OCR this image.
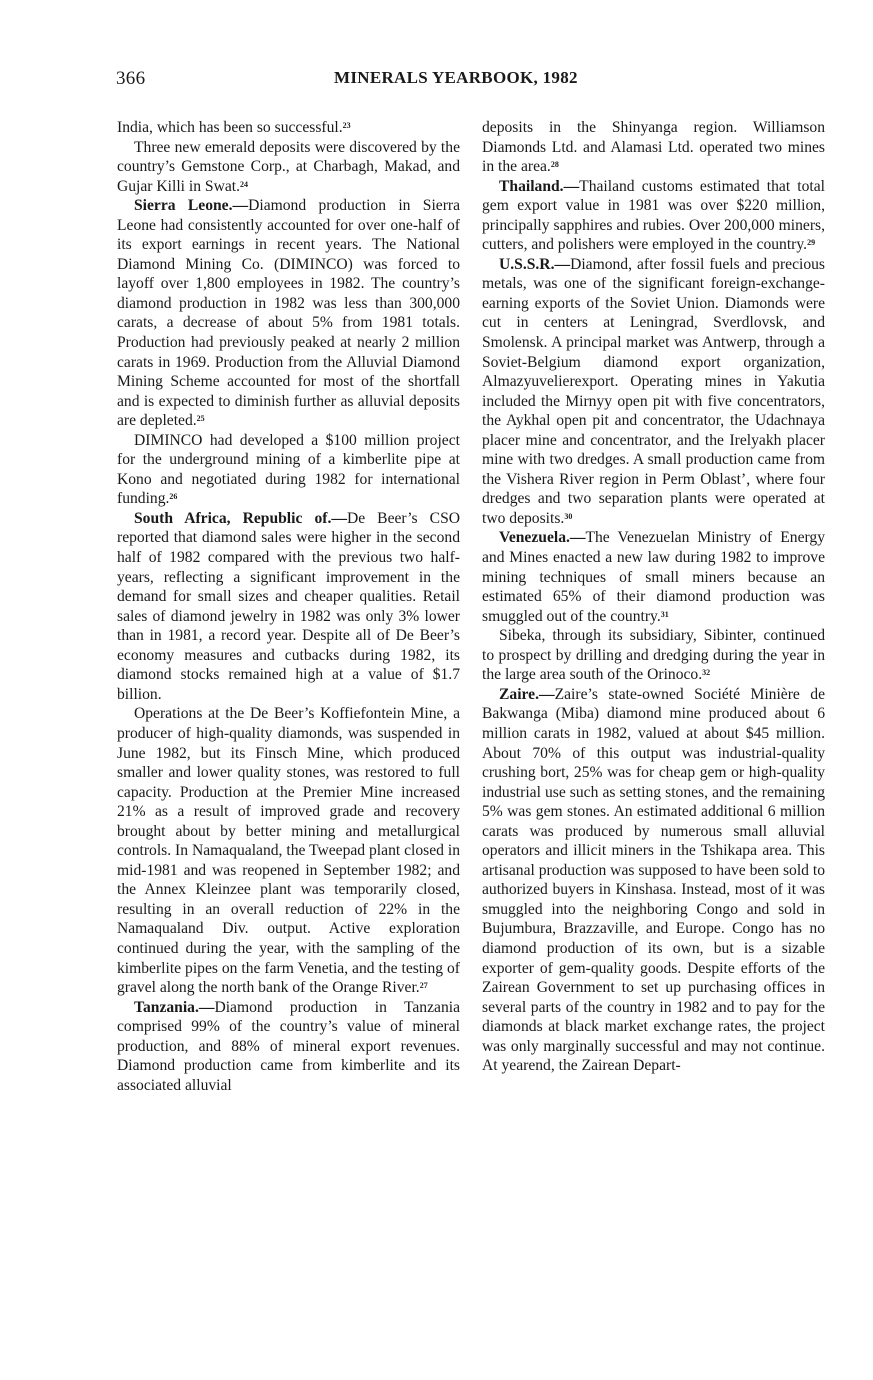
366	MINERALS YEARBOOK, 1982

India, which has been so successful.$^{23}$

Three new emerald deposits were discovered by the country’s Gemstone Corp., at Charbagh, Makad, and Gujar Killi in Swat.$^{24}$

Sierra Leone.—Diamond production in Sierra Leone had consistently accounted for over one-half of its export earnings in recent years. The National Diamond Mining Co. (DIMINCO) was forced to layoff over 1,800 employees in 1982. The country’s diamond production in 1982 was less than 300,000 carats, a decrease of about 5% from 1981 totals. Production had previously peaked at nearly 2 million carats in 1969. Production from the Alluvial Diamond Mining Scheme accounted for most of the shortfall and is expected to diminish further as alluvial deposits are depleted.$^{25}$

DIMINCO had developed a $100 million project for the underground mining of a kimberlite pipe at Kono and negotiated during 1982 for international funding.$^{26}$

South Africa, Republic of.—De Beer’s CSO reported that diamond sales were higher in the second half of 1982 compared with the previous two half-years, reflecting a significant improvement in the demand for small sizes and cheaper qualities. Retail sales of diamond jewelry in 1982 was only 3% lower than in 1981, a record year. Despite all of De Beer’s economy measures and cutbacks during 1982, its diamond stocks remained high at a value of $1.7 billion.

Operations at the De Beer’s Koffiefontein Mine, a producer of high-quality diamonds, was suspended in June 1982, but its Finsch Mine, which produced smaller and lower quality stones, was restored to full capacity. Production at the Premier Mine increased 21% as a result of improved grade and recovery brought about by better mining and metallurgical controls. In Namaqualand, the Tweepad plant closed in mid-1981 and was reopened in September 1982; and the Annex Kleinzee plant was temporarily closed, resulting in an overall reduction of 22% in the Namaqualand Div. output. Active exploration continued during the year, with the sampling of the kimberlite pipes on the farm Venetia, and the testing of gravel along the north bank of the Orange River.$^{27}$

Tanzania.—Diamond production in Tanzania comprised 99% of the country’s value of mineral production, and 88% of mineral export revenues. Diamond production came from kimberlite and its associated alluvial

deposits in the Shinyanga region. Williamson Diamonds Ltd. and Alamasi Ltd. operated two mines in the area.$^{28}$

Thailand.—Thailand customs estimated that total gem export value in 1981 was over $220 million, principally sapphires and rubies. Over 200,000 miners, cutters, and polishers were employed in the country.$^{29}$

U.S.S.R.—Diamond, after fossil fuels and precious metals, was one of the significant foreign-exchange-earning exports of the Soviet Union. Diamonds were cut in centers at Leningrad, Sverdlovsk, and Smolensk. A principal market was Antwerp, through a Soviet-Belgium diamond export organization, Almazyuvelierexport. Operating mines in Yakutia included the Mirnyy open pit with five concentrators, the Aykhal open pit and concentrator, the Udachnaya placer mine and concentrator, and the Irelyakh placer mine with two dredges. A small production came from the Vishera River region in Perm Oblast’, where four dredges and two separation plants were operated at two deposits.$^{30}$

Venezuela.—The Venezuelan Ministry of Energy and Mines enacted a new law during 1982 to improve mining techniques of small miners because an estimated 65% of their diamond production was smuggled out of the country.$^{31}$

Sibeka, through its subsidiary, Sibinter, continued to prospect by drilling and dredging during the year in the large area south of the Orinoco.$^{32}$

Zaire.—Zaire’s state-owned Société Minière de Bakwanga (Miba) diamond mine produced about 6 million carats in 1982, valued at about $45 million. About 70% of this output was industrial-quality crushing bort, 25% was for cheap gem or high-quality industrial use such as setting stones, and the remaining 5% was gem stones. An estimated additional 6 million carats was produced by numerous small alluvial operators and illicit miners in the Tshikapa area. This artisanal production was supposed to have been sold to authorized buyers in Kinshasa. Instead, most of it was smuggled into the neighboring Congo and sold in Bujumbura, Brazzaville, and Europe. Congo has no diamond production of its own, but is a sizable exporter of gem-quality goods. Despite efforts of the Zairean Government to set up purchasing offices in several parts of the country in 1982 and to pay for the diamonds at black market exchange rates, the project was only marginally successful and may not continue. At yearend, the Zairean Depart-
